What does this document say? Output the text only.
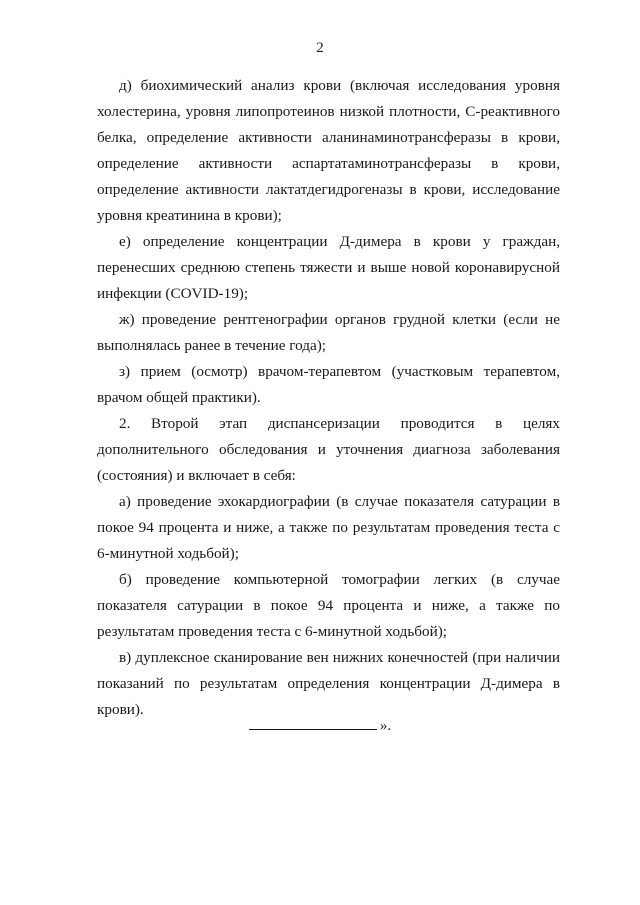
2

д) биохимический анализ крови (включая исследования уровня холестерина, уровня липопротеинов низкой плотности, С-реактивного белка, определение активности аланинаминотрансферазы в крови, определение активности аспартатаминотрансферазы в крови, определение активности лактатдегидрогеназы в крови, исследование уровня креатинина в крови);

е) определение концентрации Д-димера в крови у граждан, перенесших среднюю степень тяжести и выше новой коронавирусной инфекции (COVID-19);

ж) проведение рентгенографии органов грудной клетки (если не выполнялась ранее в течение года);

з) прием (осмотр) врачом-терапевтом (участковым терапевтом, врачом общей практики).

2. Второй этап диспансеризации проводится в целях дополнительного обследования и уточнения диагноза заболевания (состояния) и включает в себя:

а) проведение эхокардиографии (в случае показателя сатурации в покое 94 процента и ниже, а также по результатам проведения теста с 6-минутной ходьбой);

б) проведение компьютерной томографии легких (в случае показателя сатурации в покое 94 процента и ниже, а также по результатам проведения теста с 6-минутной ходьбой);

в) дуплексное сканирование вен нижних конечностей (при наличии показаний по результатам определения концентрации Д-димера в крови).

».
